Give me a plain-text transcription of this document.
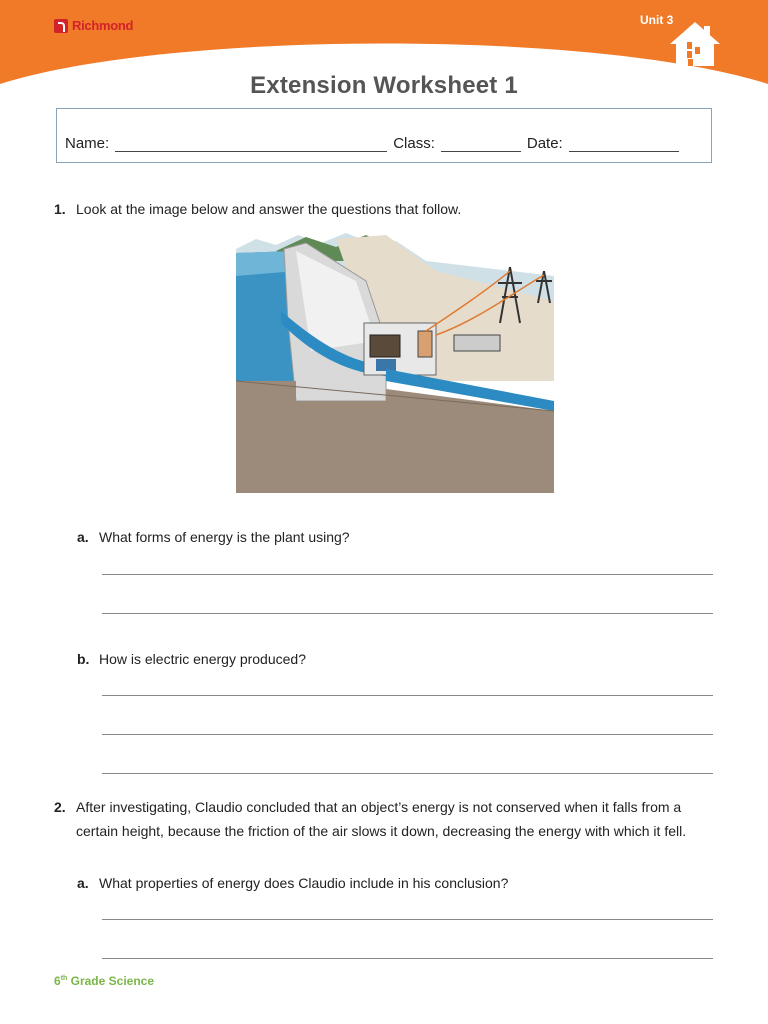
Richmond	Unit 3
Extension Worksheet 1
Name:	Class:	Date:
1. Look at the image below and answer the questions that follow.
a. What forms of energy is the plant using?
b. How is electric energy produced?
2. After investigating, Claudio concluded that an object’s energy is not conserved when it falls from a
certain height, because the friction of the air slows it down, decreasing the energy with which it fell.
a. What properties of energy does Claudio include in his conclusion?
6th Grade Science
